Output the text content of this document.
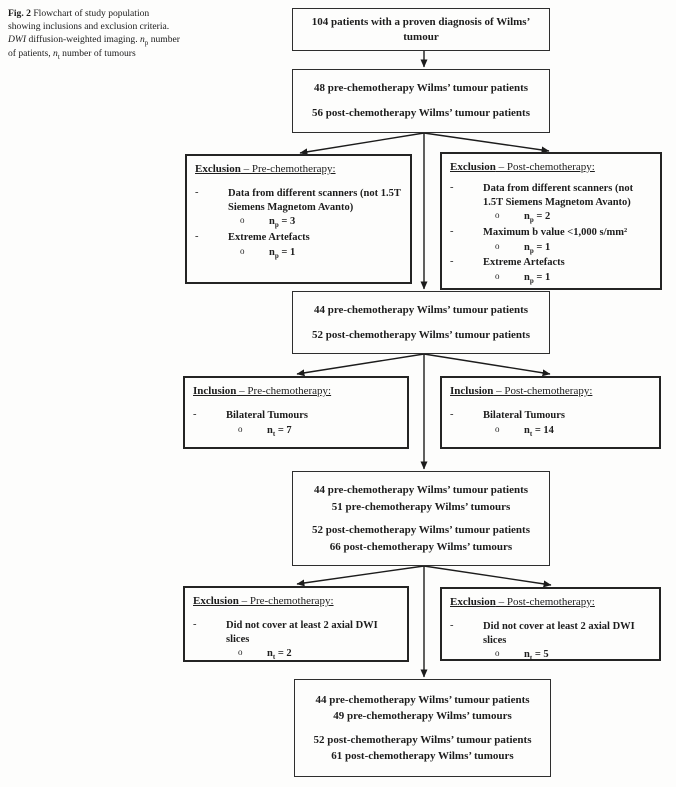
Fig. 2 Flowchart of study population showing inclusions and exclusion criteria. DWI diffusion-weighted imaging. $n_p$ number of patients, $n_t$ number of tumours
104 patients with a proven diagnosis of Wilms’
tumour
48 pre-chemotherapy Wilms’ tumour patients
56 post-chemotherapy Wilms’ tumour patients
44 pre-chemotherapy Wilms’ tumour patients
52 post-chemotherapy Wilms’ tumour patients
44 pre-chemotherapy Wilms’ tumour patients
51 pre-chemotherapy Wilms’ tumours
52 post-chemotherapy Wilms’ tumour patients
66 post-chemotherapy Wilms’ tumours
44 pre-chemotherapy Wilms’ tumour patients
49 pre-chemotherapy Wilms’ tumours
52 post-chemotherapy Wilms’ tumour patients
61 post-chemotherapy Wilms’ tumours
Exclusion – Pre-chemotherapy:
-	Data from different scanners (not 1.5T Siemens Magnetom Avanto)
o	$n_p = 3$
-	Extreme Artefacts
o	$n_p = 1$
Exclusion – Post-chemotherapy:
-	Data from different scanners (not 1.5T Siemens Magnetom Avanto)
o	$n_p = 2$
-	Maximum b value <1,000 s/mm²
o	$n_p = 1$
-	Extreme Artefacts
o	$n_p = 1$
Inclusion – Pre-chemotherapy:
-	Bilateral Tumours
o	$n_t = 7$
Inclusion – Post-chemotherapy:
-	Bilateral Tumours
o	$n_t = 14$
Exclusion – Pre-chemotherapy:
-	Did not cover at least 2 axial DWI slices
o	$n_t = 2$
Exclusion – Post-chemotherapy:
-	Did not cover at least 2 axial DWI slices
o	$n_t = 5$
